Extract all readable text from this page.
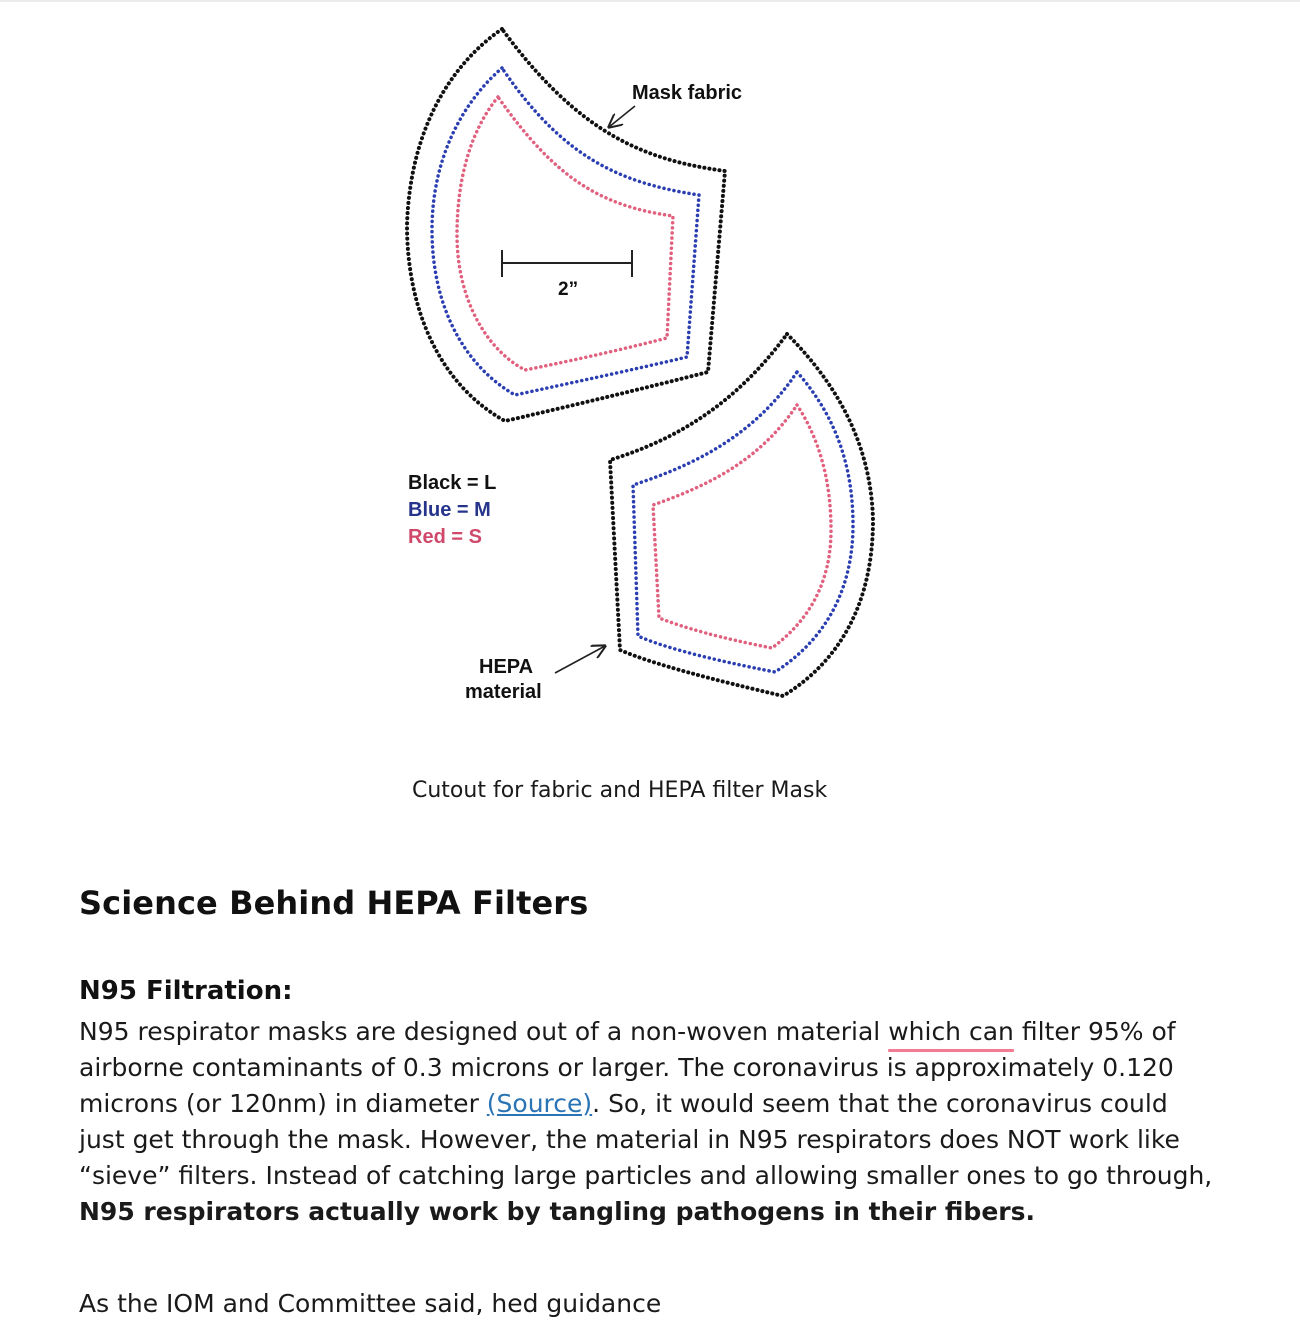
Mask fabric
2”
Black = L
Blue = M
Red = S
HEPA
material
Cutout for fabric and HEPA filter Mask
Science Behind HEPA Filters
N95 Filtration:

N95 respirator masks are designed out of a non-woven material which can filter 95% of airborne contaminants of 0.3 microns or larger. The coronavirus is approximately 0.120 microns (or 120nm) in diameter (Source). So, it would seem that the coronavirus could just get through the mask. However, the material in N95 respirators does NOT work like “sieve” filters. Instead of catching large particles and allowing smaller ones to go through, N95 respirators actually work by tangling pathogens in their fibers.

As the IOM and Committee said, hed guidance
